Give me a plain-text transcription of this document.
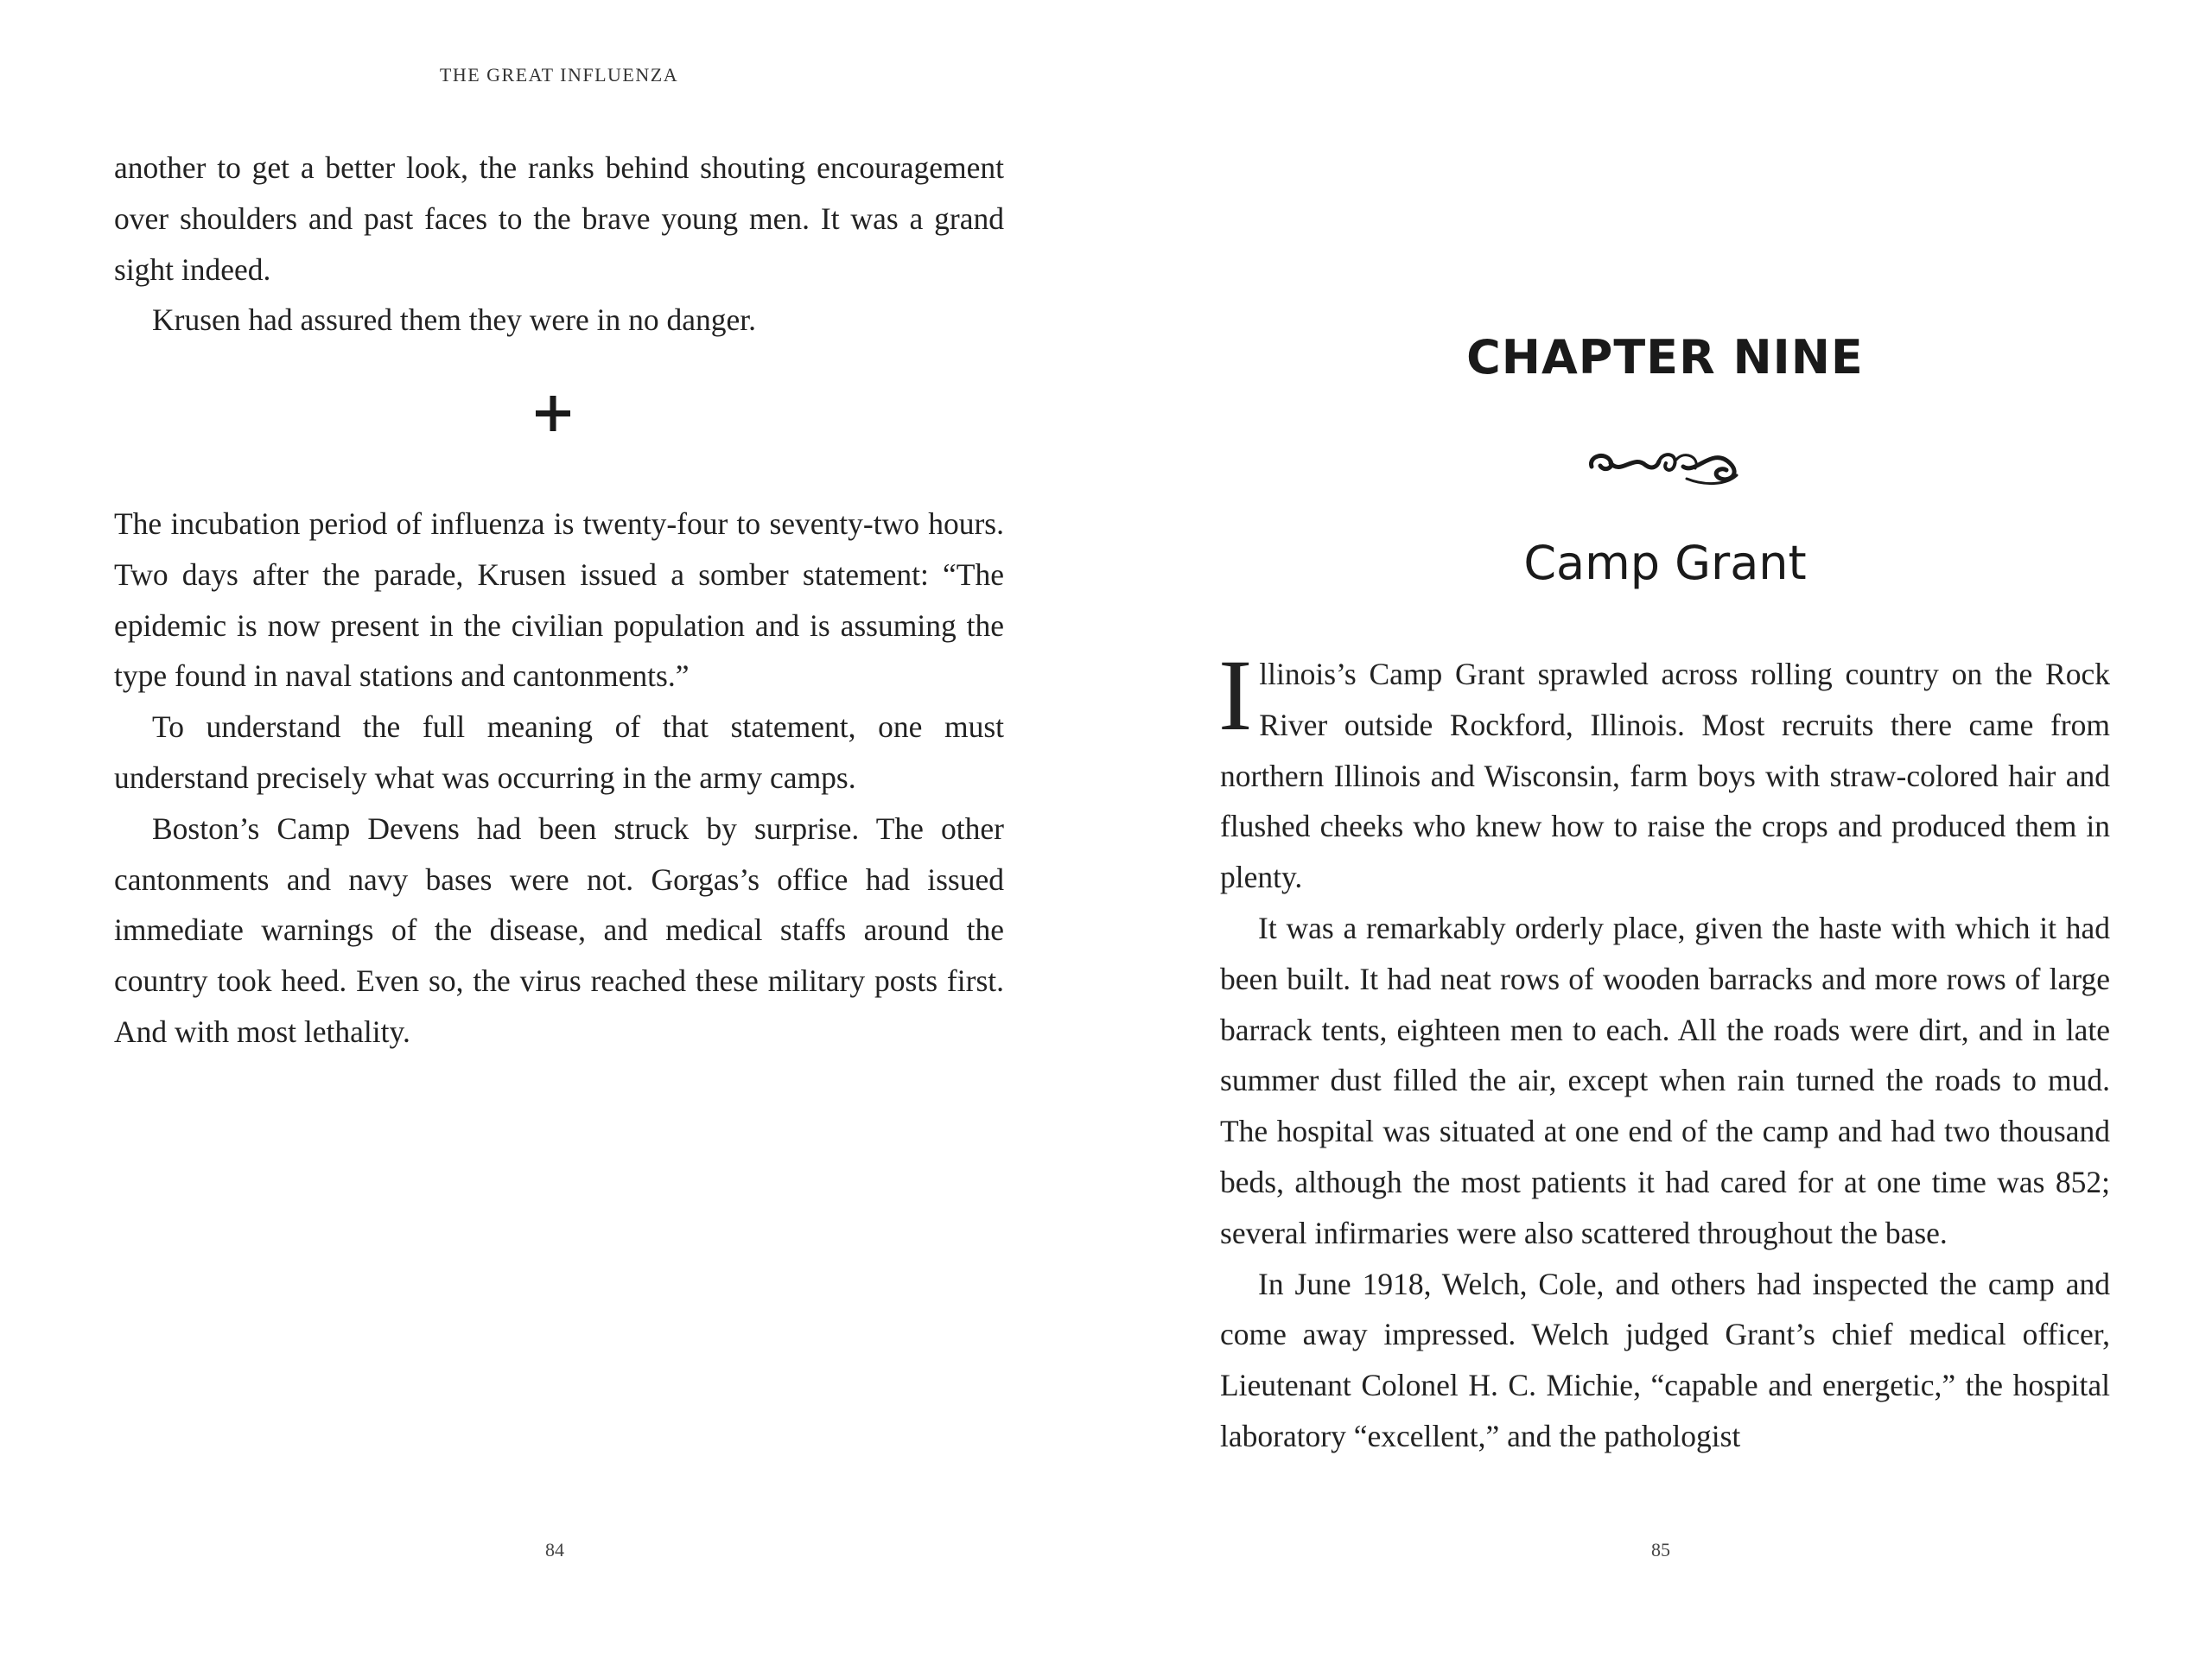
THE GREAT INFLUENZA

another to get a better look, the ranks behind shouting encouragement over shoulders and past faces to the brave young men. It was a grand sight indeed.

Krusen had assured them they were in no danger.

The incubation period of influenza is twenty-four to seventy-two hours. Two days after the parade, Krusen issued a somber statement: “The epidemic is now present in the civilian population and is assuming the type found in naval stations and cantonments.”

To understand the full meaning of that statement, one must understand precisely what was occurring in the army camps.

Boston’s Camp Devens had been struck by surprise. The other cantonments and navy bases were not. Gorgas’s office had issued immediate warnings of the disease, and medical staffs around the country took heed. Even so, the virus reached these military posts first. And with most lethality.

84
CHAPTER NINE
Camp Grant

Illinois’s Camp Grant sprawled across rolling country on the Rock River outside Rockford, Illinois. Most recruits there came from northern Illinois and Wisconsin, farm boys with straw-colored hair and flushed cheeks who knew how to raise the crops and produced them in plenty.

It was a remarkably orderly place, given the haste with which it had been built. It had neat rows of wooden barracks and more rows of large barrack tents, eighteen men to each. All the roads were dirt, and in late summer dust filled the air, except when rain turned the roads to mud. The hospital was situated at one end of the camp and had two thousand beds, although the most patients it had cared for at one time was 852; several infirmaries were also scattered throughout the base.

In June 1918, Welch, Cole, and others had inspected the camp and come away impressed. Welch judged Grant’s chief medical officer, Lieutenant Colonel H. C. Michie, “capable and energetic,” the hospital laboratory “excellent,” and the pathologist

85
